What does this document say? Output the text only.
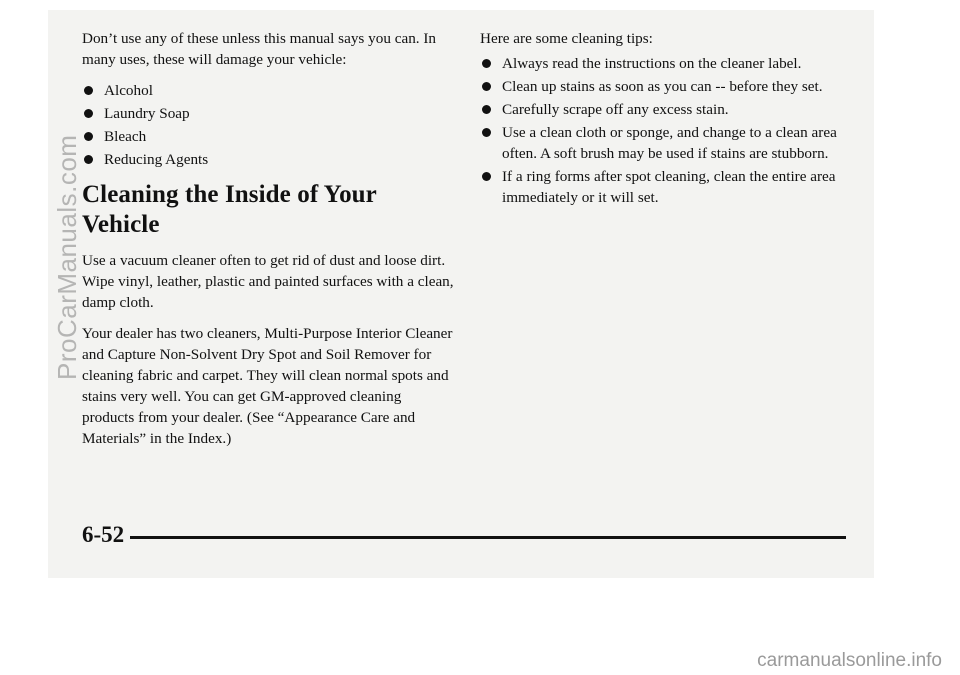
Don’t use any of these unless this manual says you can. In many uses, these will damage your vehicle:

Alcohol
Laundry Soap
Bleach
Reducing Agents
Cleaning the Inside of Your Vehicle

Use a vacuum cleaner often to get rid of dust and loose dirt. Wipe vinyl, leather, plastic and painted surfaces with a clean, damp cloth.

Your dealer has two cleaners, Multi-Purpose Interior Cleaner and Capture Non-Solvent Dry Spot and Soil Remover for cleaning fabric and carpet. They will clean normal spots and stains very well. You can get GM-approved cleaning products from your dealer. (See “Appearance Care and Materials” in the Index.)

Here are some cleaning tips:

Always read the instructions on the cleaner label.
Clean up stains as soon as you can -- before they set.
Carefully scrape off any excess stain.
Use a clean cloth or sponge, and change to a clean area often. A soft brush may be used if stains are stubborn.
If a ring forms after spot cleaning, clean the entire area immediately or it will set.
6-52
ProCarManuals.com
carmanualsonline.info
